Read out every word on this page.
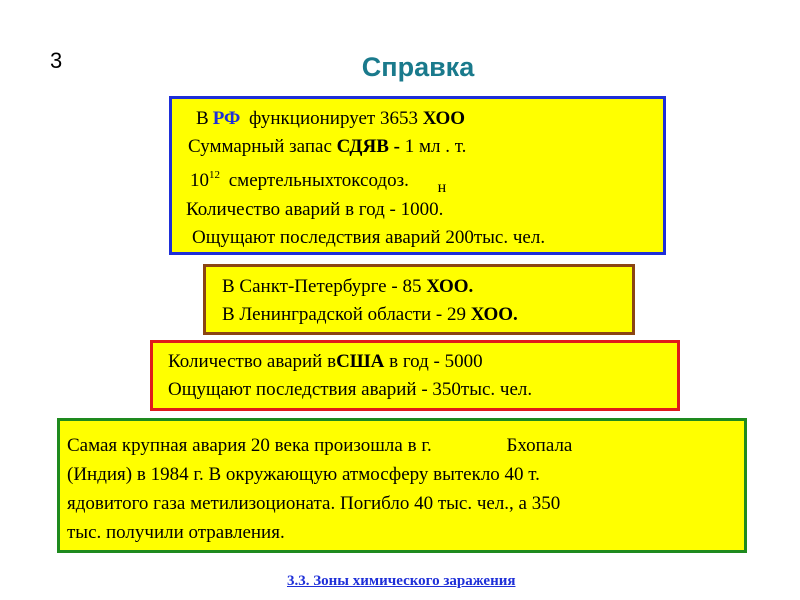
3	Справка
В РФ функционирует 3653 ХОО
Суммарный запас СДЯВ - 1 мл . т.
$10^{12}$ смертельныхтоксодоз. $_н$
Количество аварий в год - 1000.
Ощущают последствия аварий 200тыс. чел.
В Санкт-Петербурге - 85 ХОО.
В Ленинградской области - 29 ХОО.
Количество аварий вСША в год - 5000
Ощущают последствия аварий - 350тыс. чел.
Самая крупная авария 20 века произошла в г.	Бхопала
(Индия) в 1984 г. В окружающую атмосферу вытекло 40 т.
ядовитого газа метилизоционата. Погибло 40 тыс. чел., а 350
тыс. получили отравления.
3.3. Зоны химического заражения
